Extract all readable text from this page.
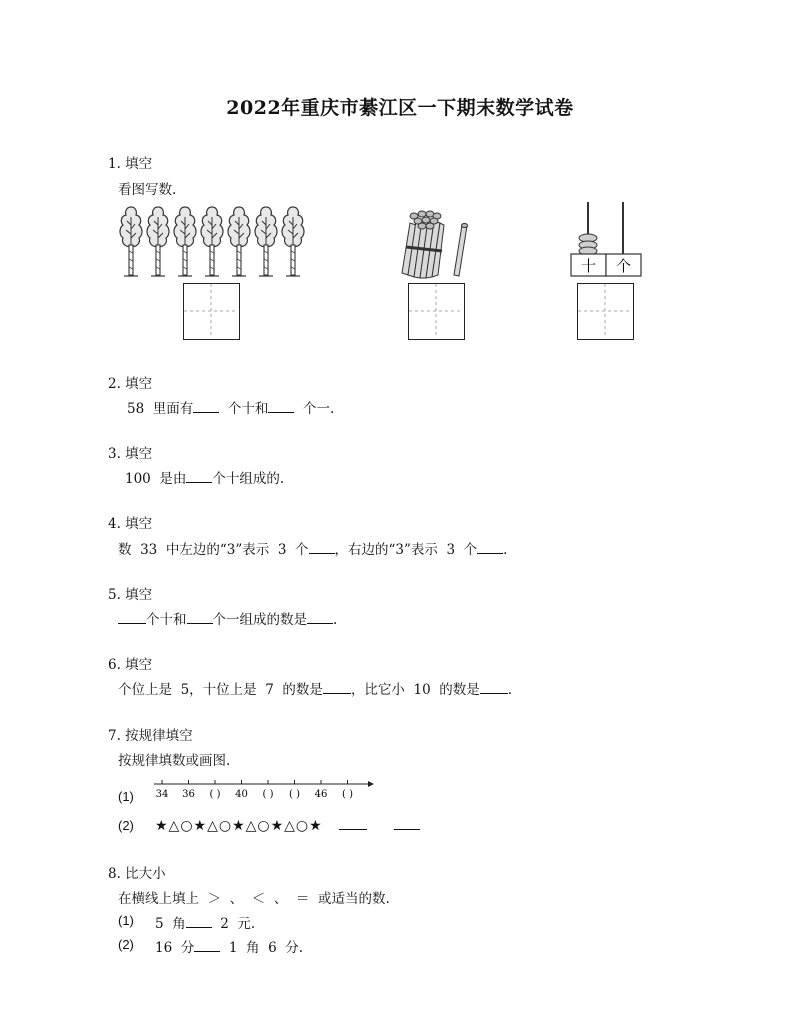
2022年重庆市綦江区一下期末数学试卷
1. 填空
看图写数.
十 个
2. 填空
58  里面有  个十和  个一.
3. 填空
100  是由 个十组成的.
4. 填空
数  33  中左边的“3”表示  3  个 ，右边的“3”表示  3  个 .
5. 填空
个十和 个一组成的数是 .
6. 填空
个位上是  5，十位上是  7  的数是 ，比它小  10  的数是 .
7. 按规律填空
按规律填数或画图.
(1) 34 36 ( ) 40 ( ) ( ) 46 ( )
(2) ★△○★△○★△○★△○★
8. 比大小
在横线上填上  ＞  、  ＜  、  ＝  或适当的数.
(1) 5  角  2  元.
(2) 16  分  1  角  6  分.
